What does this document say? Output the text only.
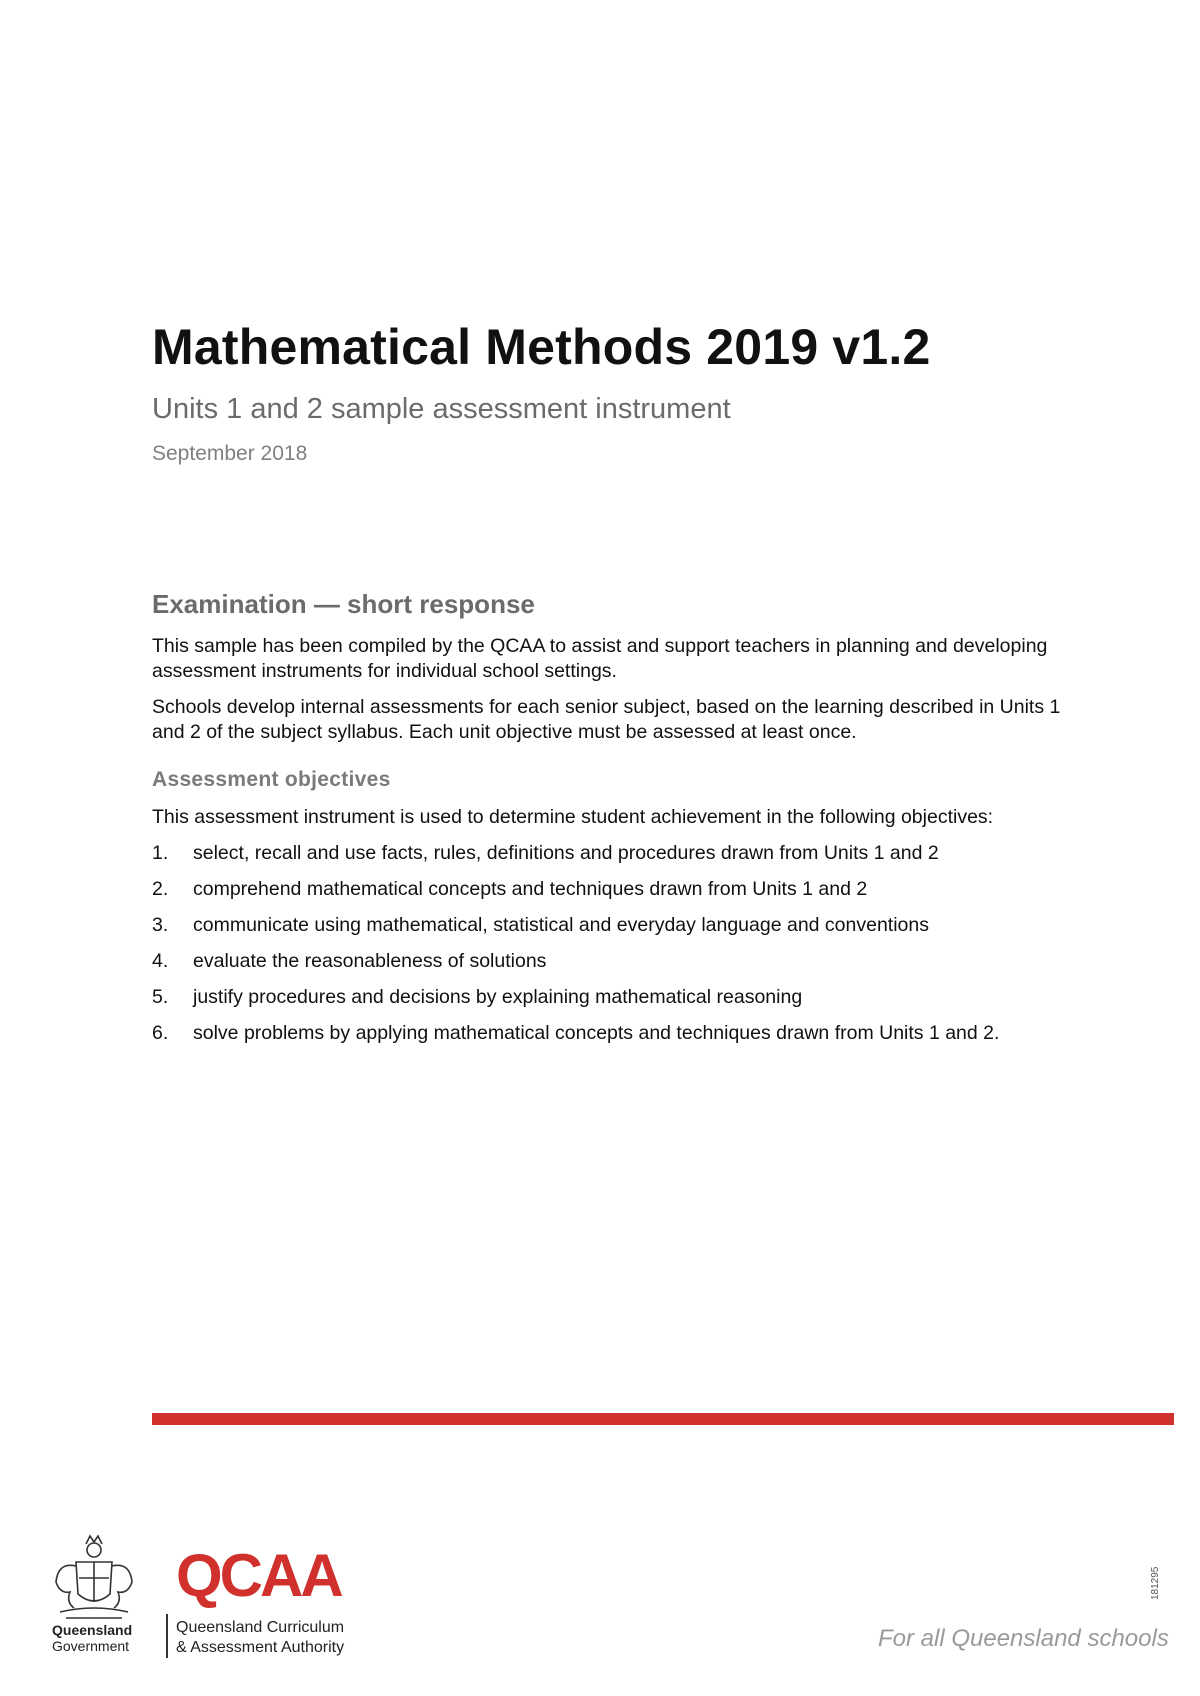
Mathematical Methods 2019 v1.2

Units 1 and 2 sample assessment instrument

September 2018

Examination — short response

This sample has been compiled by the QCAA to assist and support teachers in planning and developing assessment instruments for individual school settings.

Schools develop internal assessments for each senior subject, based on the learning described in Units 1 and 2 of the subject syllabus. Each unit objective must be assessed at least once.

Assessment objectives

This assessment instrument is used to determine student achievement in the following objectives:

1.	select, recall and use facts, rules, definitions and procedures drawn from Units 1 and 2
2.	comprehend mathematical concepts and techniques drawn from Units 1 and 2
3.	communicate using mathematical, statistical and everyday language and conventions
4.	evaluate the reasonableness of solutions
5.	justify procedures and decisions by explaining mathematical reasoning
6.	solve problems by applying mathematical concepts and techniques drawn from Units 1 and 2.
Queensland
Government
QCAA
Queensland Curriculum
& Assessment Authority	For all Queensland schools
181295
